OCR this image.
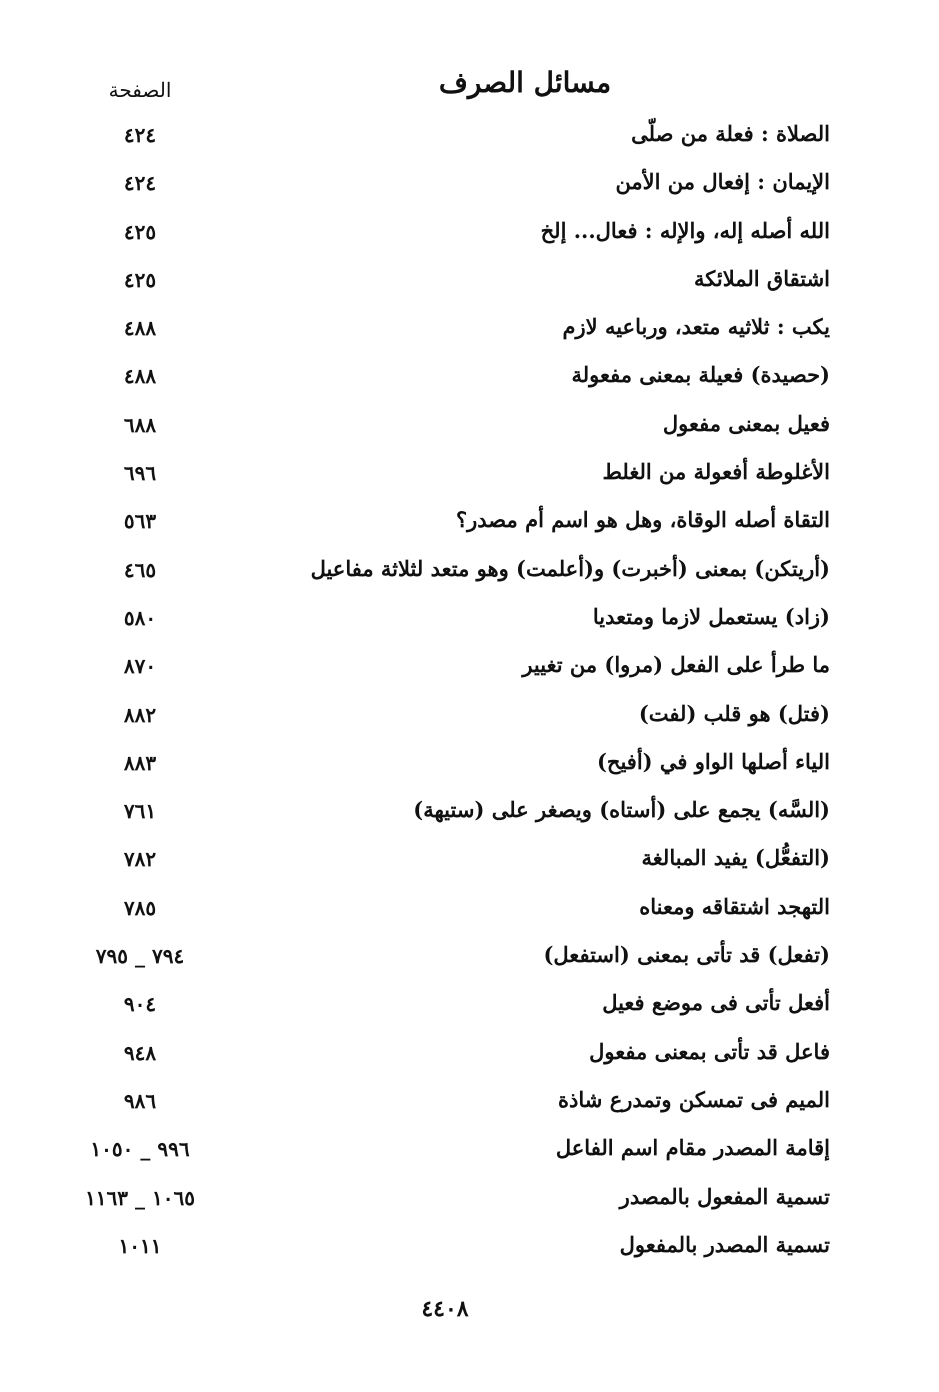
مسائل الصرف
الصفحة
الصلاة : فعلة من صلّى
٤٢٤
الإيمان : إفعال من الأمن
٤٢٤
الله أصله إله، والإله : فعال... إلخ
٤٢٥
اشتقاق الملائكة
٤٢٥
يكب : ثلاثيه متعد، ورباعيه لازم
٤٨٨
(حصيدة) فعيلة بمعنى مفعولة
٤٨٨
فعيل بمعنى مفعول
٦٨٨
الأغلوطة أفعولة من الغلط
٦٩٦
التقاة أصله الوقاة، وهل هو اسم أم مصدر؟
٥٦٣
(أريتكن) بمعنى (أخبرت) و(أعلمت) وهو متعد لثلاثة مفاعيل
٤٦٥
(زاد) يستعمل لازما ومتعديا
٥٨٠
ما طرأ على الفعل (مروا) من تغيير
٨٧٠
(فتل) هو قلب (لفت)
٨٨٢
الياء أصلها الواو في (أفيح)
٨٨٣
(السَّه) يجمع على (أستاه) ويصغر على (ستيهة)
٧٦١
(التفعُّل) يفيد المبالغة
٧٨٢
التهجد اشتقاقه ومعناه
٧٨٥
(تفعل) قد تأتى بمعنى (استفعل)
٧٩٤ _ ٧٩٥
أفعل تأتى فى موضع فعيل
٩٠٤
فاعل قد تأتى بمعنى مفعول
٩٤٨
الميم فى تمسكن وتمدرع شاذة
٩٨٦
إقامة المصدر مقام اسم الفاعل
٩٩٦ _ ١٠٥٠
تسمية المفعول بالمصدر
١٠٦٥ _ ١١٦٣
تسمية المصدر بالمفعول
١٠١١
٤٤٠٨
